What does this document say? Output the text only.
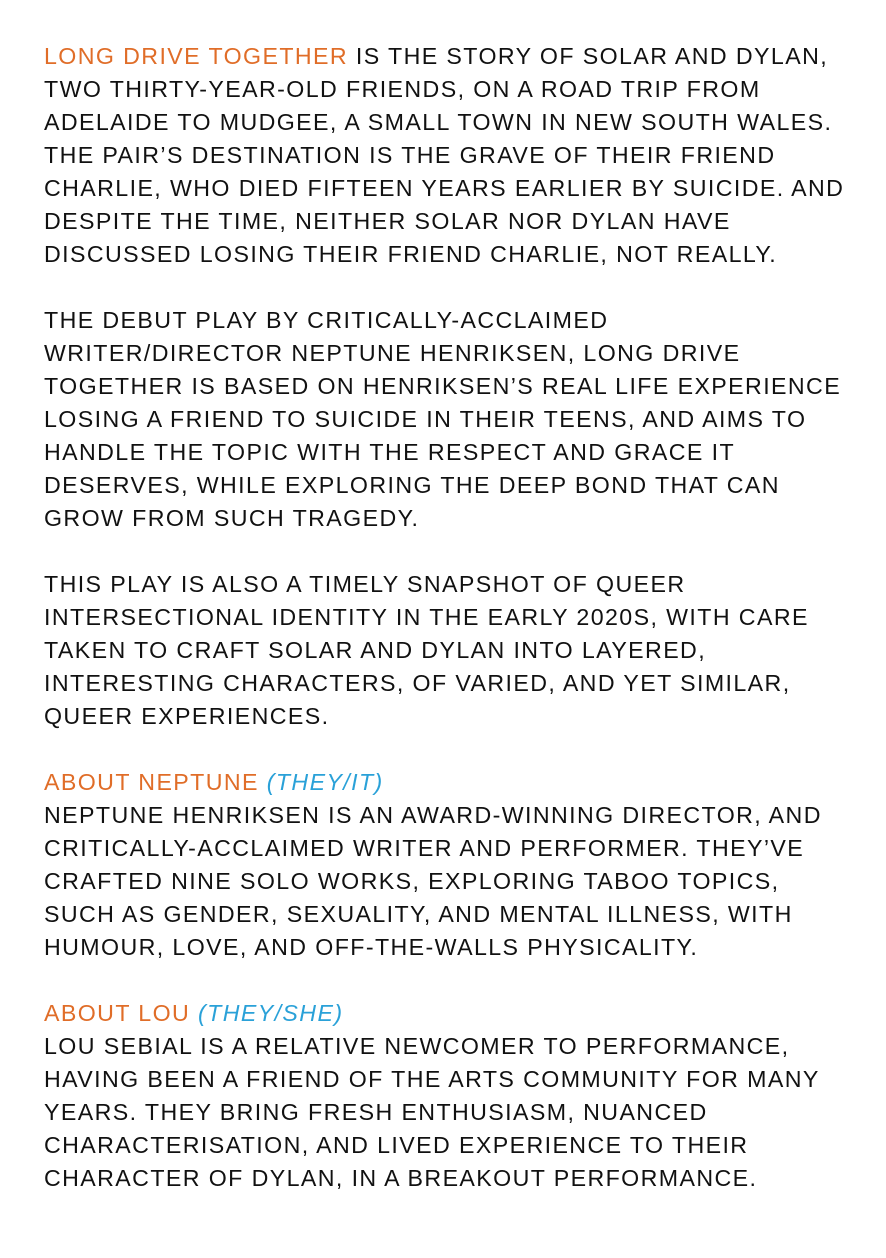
LONG DRIVE TOGETHER IS THE STORY OF SOLAR AND DYLAN,
TWO THIRTY-YEAR-OLD FRIENDS, ON A ROAD TRIP FROM
ADELAIDE TO MUDGEE, A SMALL TOWN IN NEW SOUTH WALES.
THE PAIR’S DESTINATION IS THE GRAVE OF THEIR FRIEND
CHARLIE, WHO DIED FIFTEEN YEARS EARLIER BY SUICIDE. AND
DESPITE THE TIME, NEITHER SOLAR NOR DYLAN HAVE
DISCUSSED LOSING THEIR FRIEND CHARLIE, NOT REALLY.
THE DEBUT PLAY BY CRITICALLY-ACCLAIMED
WRITER/DIRECTOR NEPTUNE HENRIKSEN, LONG DRIVE
TOGETHER IS BASED ON HENRIKSEN’S REAL LIFE EXPERIENCE
LOSING A FRIEND TO SUICIDE IN THEIR TEENS, AND AIMS TO
HANDLE THE TOPIC WITH THE RESPECT AND GRACE IT
DESERVES, WHILE EXPLORING THE DEEP BOND THAT CAN
GROW FROM SUCH TRAGEDY.
THIS PLAY IS ALSO A TIMELY SNAPSHOT OF QUEER
INTERSECTIONAL IDENTITY IN THE EARLY 2020S, WITH CARE
TAKEN TO CRAFT SOLAR AND DYLAN INTO LAYERED,
INTERESTING CHARACTERS, OF VARIED, AND YET SIMILAR,
QUEER EXPERIENCES.
ABOUT NEPTUNE (THEY/IT)
NEPTUNE HENRIKSEN IS AN AWARD-WINNING DIRECTOR, AND
CRITICALLY-ACCLAIMED WRITER AND PERFORMER. THEY’VE
CRAFTED NINE SOLO WORKS, EXPLORING TABOO TOPICS,
SUCH AS GENDER, SEXUALITY, AND MENTAL ILLNESS, WITH
HUMOUR, LOVE, AND OFF-THE-WALLS PHYSICALITY.
ABOUT LOU (THEY/SHE)
LOU SEBIAL IS A RELATIVE NEWCOMER TO PERFORMANCE,
HAVING BEEN A FRIEND OF THE ARTS COMMUNITY FOR MANY
YEARS. THEY BRING FRESH ENTHUSIASM, NUANCED
CHARACTERISATION, AND LIVED EXPERIENCE TO THEIR
CHARACTER OF DYLAN, IN A BREAKOUT PERFORMANCE.
